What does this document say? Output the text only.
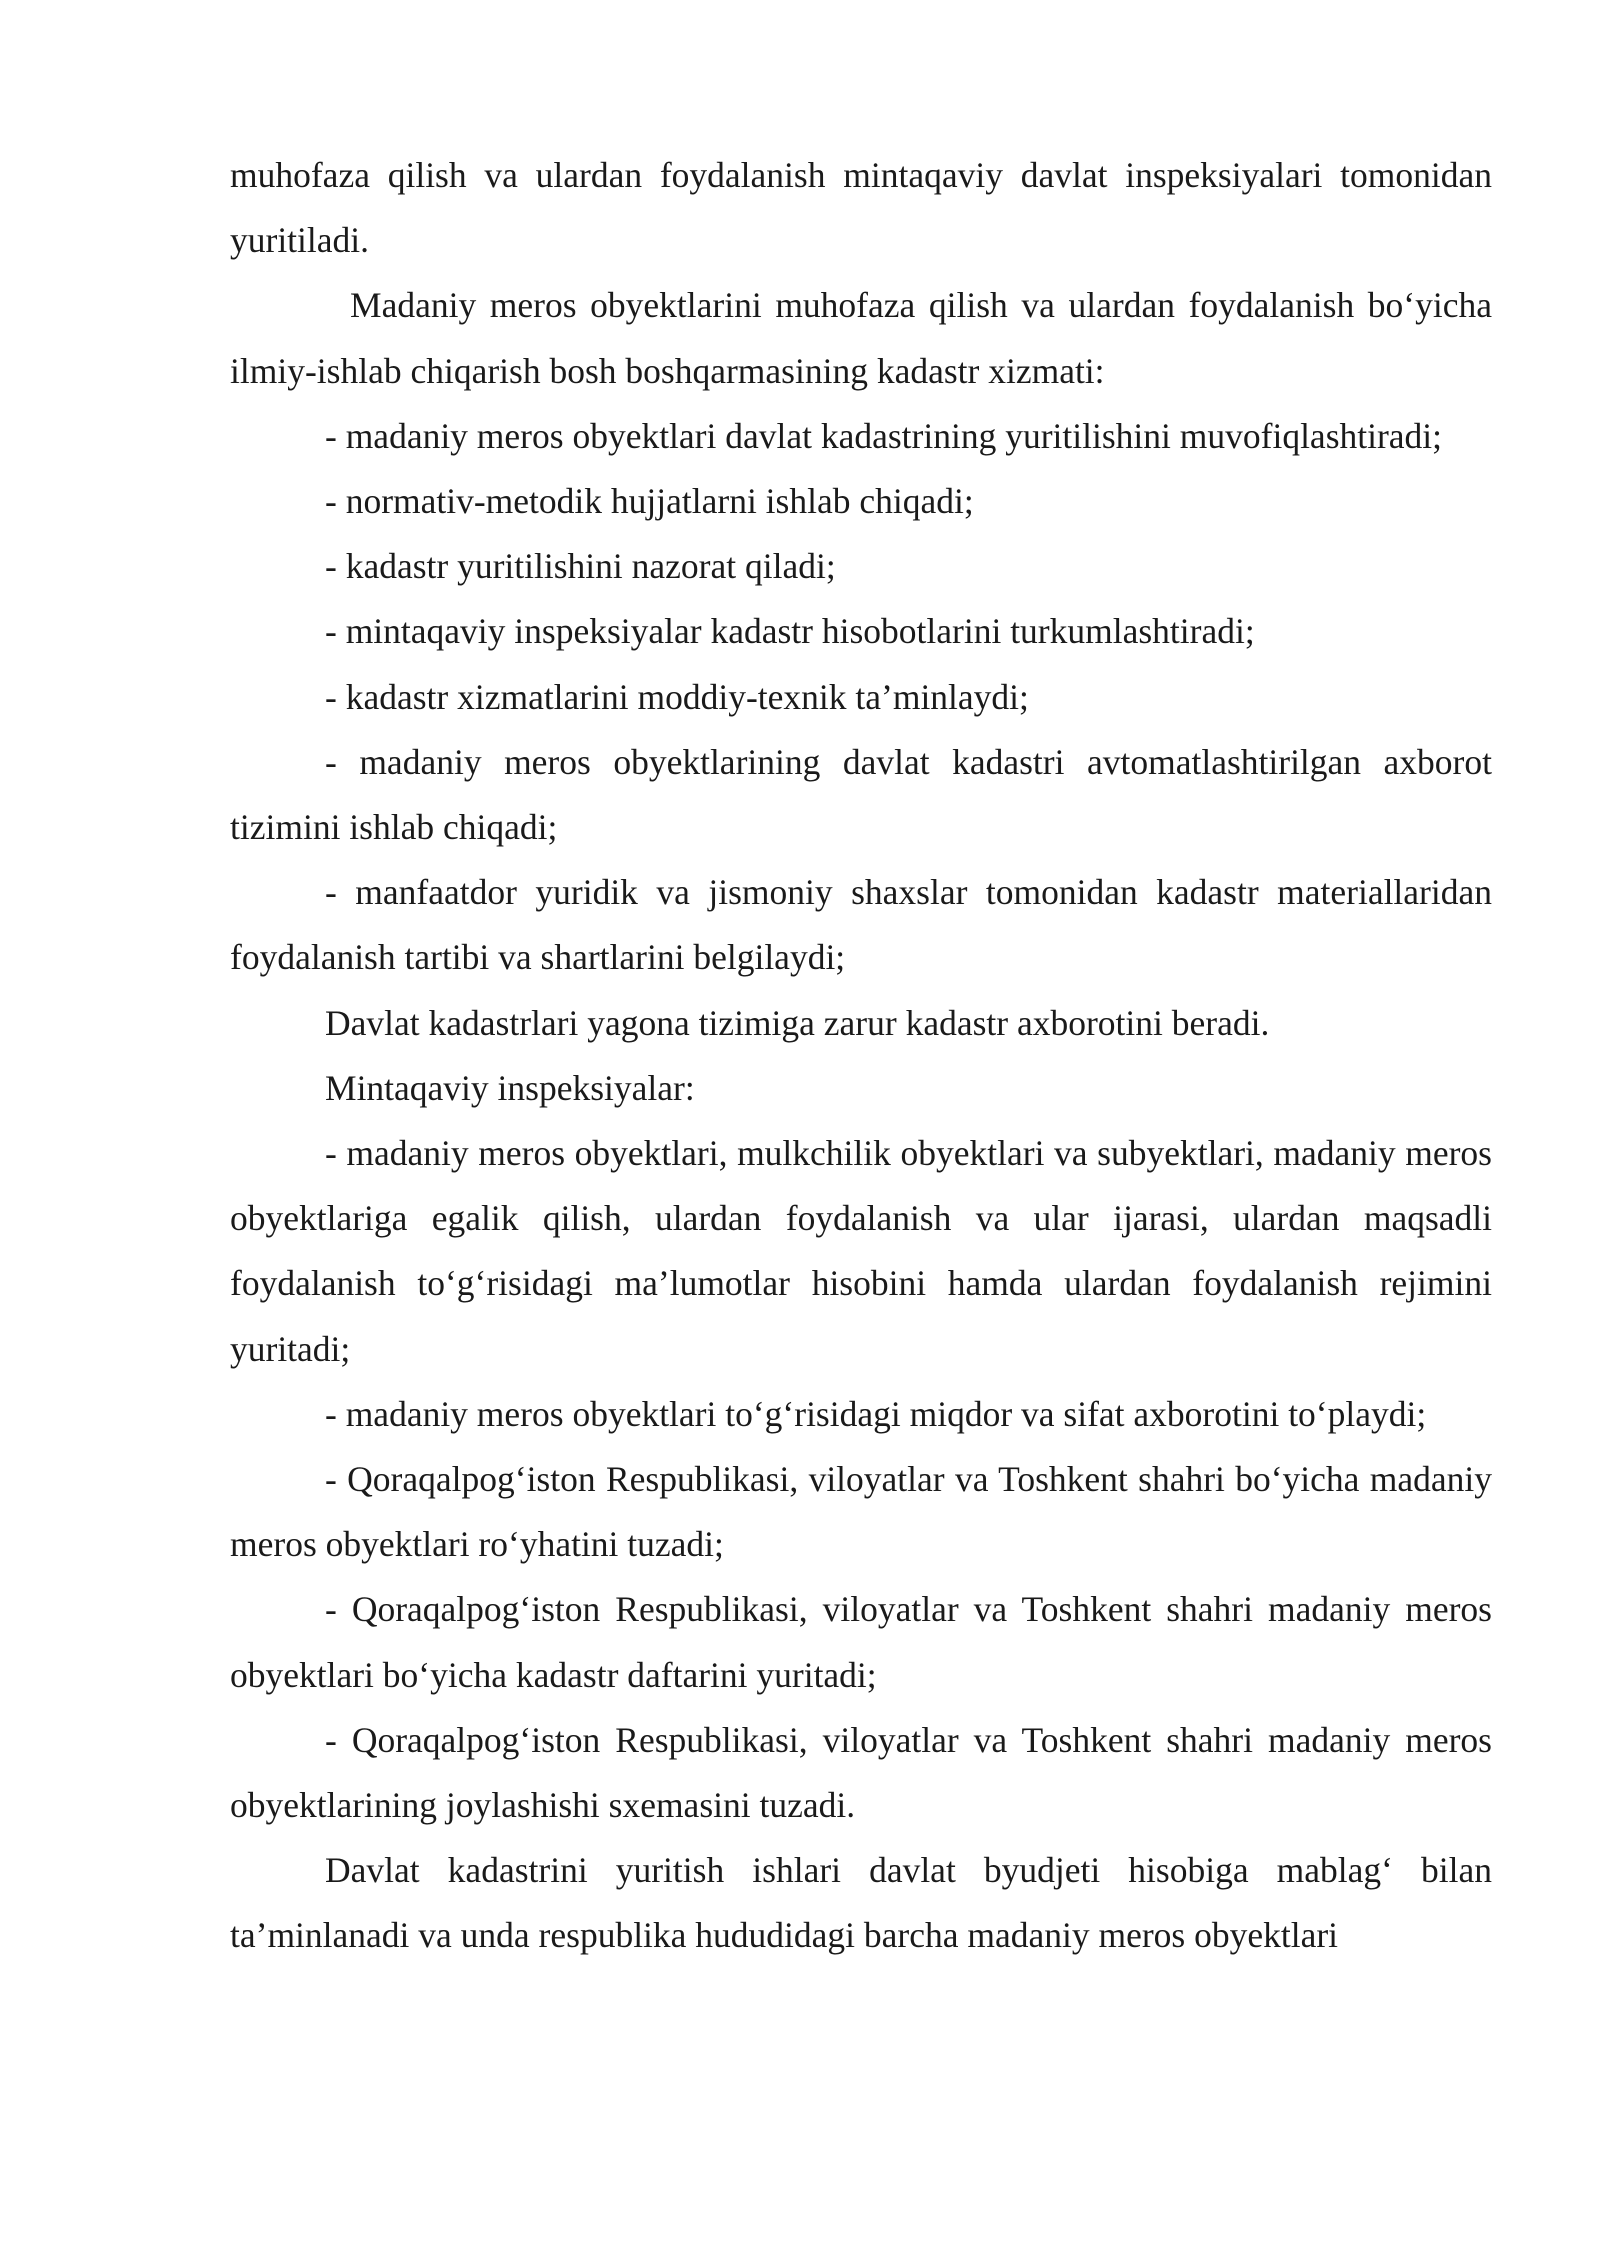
muhofaza qilish va ulardan foydalanish mintaqaviy davlat inspeksiyalari tomonidan yuritiladi.

Madaniy meros obyektlarini muhofaza qilish va ulardan foydalanish bo‘yicha ilmiy-ishlab chiqarish bosh boshqarmasining kadastr xizmati:

- madaniy meros obyektlari davlat kadastrining yuritilishini muvofiqlashtiradi;

- normativ-metodik hujjatlarni ishlab chiqadi;

- kadastr yuritilishini nazorat qiladi;

- mintaqaviy inspeksiyalar kadastr hisobotlarini turkumlashtiradi;

- kadastr xizmatlarini moddiy-texnik ta’minlaydi;

- madaniy meros obyektlarining davlat kadastri avtomatlashtirilgan axborot tizimini ishlab chiqadi;

- manfaatdor yuridik va jismoniy shaxslar tomonidan kadastr materiallaridan foydalanish tartibi va shartlarini belgilaydi;

Davlat kadastrlari yagona tizimiga zarur kadastr axborotini beradi.

Mintaqaviy inspeksiyalar:

- madaniy meros obyektlari, mulkchilik obyektlari va subyektlari, madaniy meros obyektlariga egalik qilish, ulardan foydalanish va ular ijarasi, ulardan maqsadli foydalanish to‘g‘risidagi ma’lumotlar hisobini hamda ulardan foydalanish rejimini yuritadi;

- madaniy meros obyektlari to‘g‘risidagi miqdor va sifat axborotini to‘playdi;

- Qoraqalpog‘iston Respublikasi, viloyatlar va Toshkent shahri bo‘yicha madaniy meros obyektlari ro‘yhatini tuzadi;

- Qoraqalpog‘iston Respublikasi, viloyatlar va Toshkent shahri madaniy meros obyektlari bo‘yicha kadastr daftarini yuritadi;

- Qoraqalpog‘iston Respublikasi, viloyatlar va Toshkent shahri madaniy meros obyektlarining joylashishi sxemasini tuzadi.

Davlat kadastrini yuritish ishlari davlat byudjeti hisobiga mablag‘ bilan ta’minlanadi va unda respublika hududidagi barcha madaniy meros obyektlari
